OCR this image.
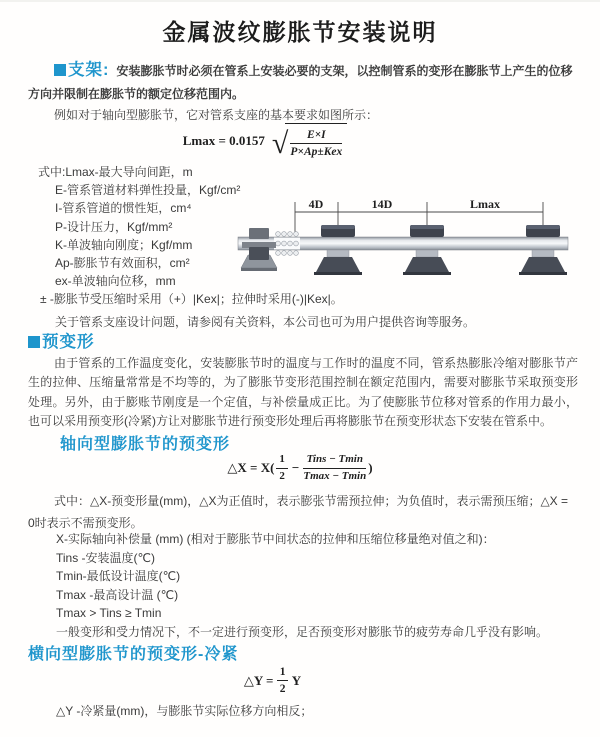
金属波纹膨胀节安装说明

支架: 安装膨胀节时必须在管系上安装必要的支架，以控制管系的变形在膨胀节上产生的位移方向并限制在膨胀节的额定位移范围内。

例如对于轴向型膨胀节，它对管系支座的基本要求如图所示：

Lmax = 0.0157 √ $\frac{E\times I}{\text{P×Ap±Kex}}$
式中:Lmax-最大导向间距，m
E-管系管道材料弹性投量，Kgf/cm²
I-管系管道的惯性矩，cm⁴
P-设计压力，Kgf/mm²
K-单波轴向刚度；Kgf/mm
Ap-膨胀节有效面积，cm²
ex-单波轴向位移，mm
± -膨胀节受压缩时采用（+）|Kex|；拉伸时采用(-)|Kex|。
关于管系支座设计问题，请参阅有关资料，本公司也可为用户提供咨询等服务。
4D	14D	Lmax

预变形

由于管系的工作温度变化，安装膨胀节时的温度与工作时的温度不同，管系热膨胀冷缩对膨胀节产生的拉伸、压缩量常常是不均等的，为了膨胀节变形范围控制在额定范围内，需要对膨胀节采取预变形处理。另外，由于膨账节刚度是一个定值，与补偿量成正比。为了使膨胀节位移对管系的作用力最小，也可以采用预变形(冷紧)方让对膨胀节进行预变形处理后再将膨胀节在预变形状态下安装在管系中。

轴向型膨胀节的预变形
△X = $X( \frac{1}{2} - \frac{\text{Tins − Tmin}}{Tmax - Tmin}$ )

式中：△X-预变形量(mm)，△X为正值时，表示膨张节需预拉伸；为负值时，表示需预压缩；△X = 0时表示不需预变形。

X-实际轴向补偿量 (mm) (相对于膨胀节中间状态的拉伸和压缩位移量绝对值之和)：
Tins -安装温度(℃)
Tmin-最低设计温度(℃)
Tmax -最高设计温 (℃)
Tmax > Tins ≥ Tmin
一般变形和受力情况下，不一定进行预变形，足否预变形对膨胀节的疲劳寿命几乎没有影响。
横向型膨胀节的预变形-冷紧
△Y =
$\frac{1}{2}$
Y

△Y -冷紧量(mm)，与膨胀节实际位移方向相反；
